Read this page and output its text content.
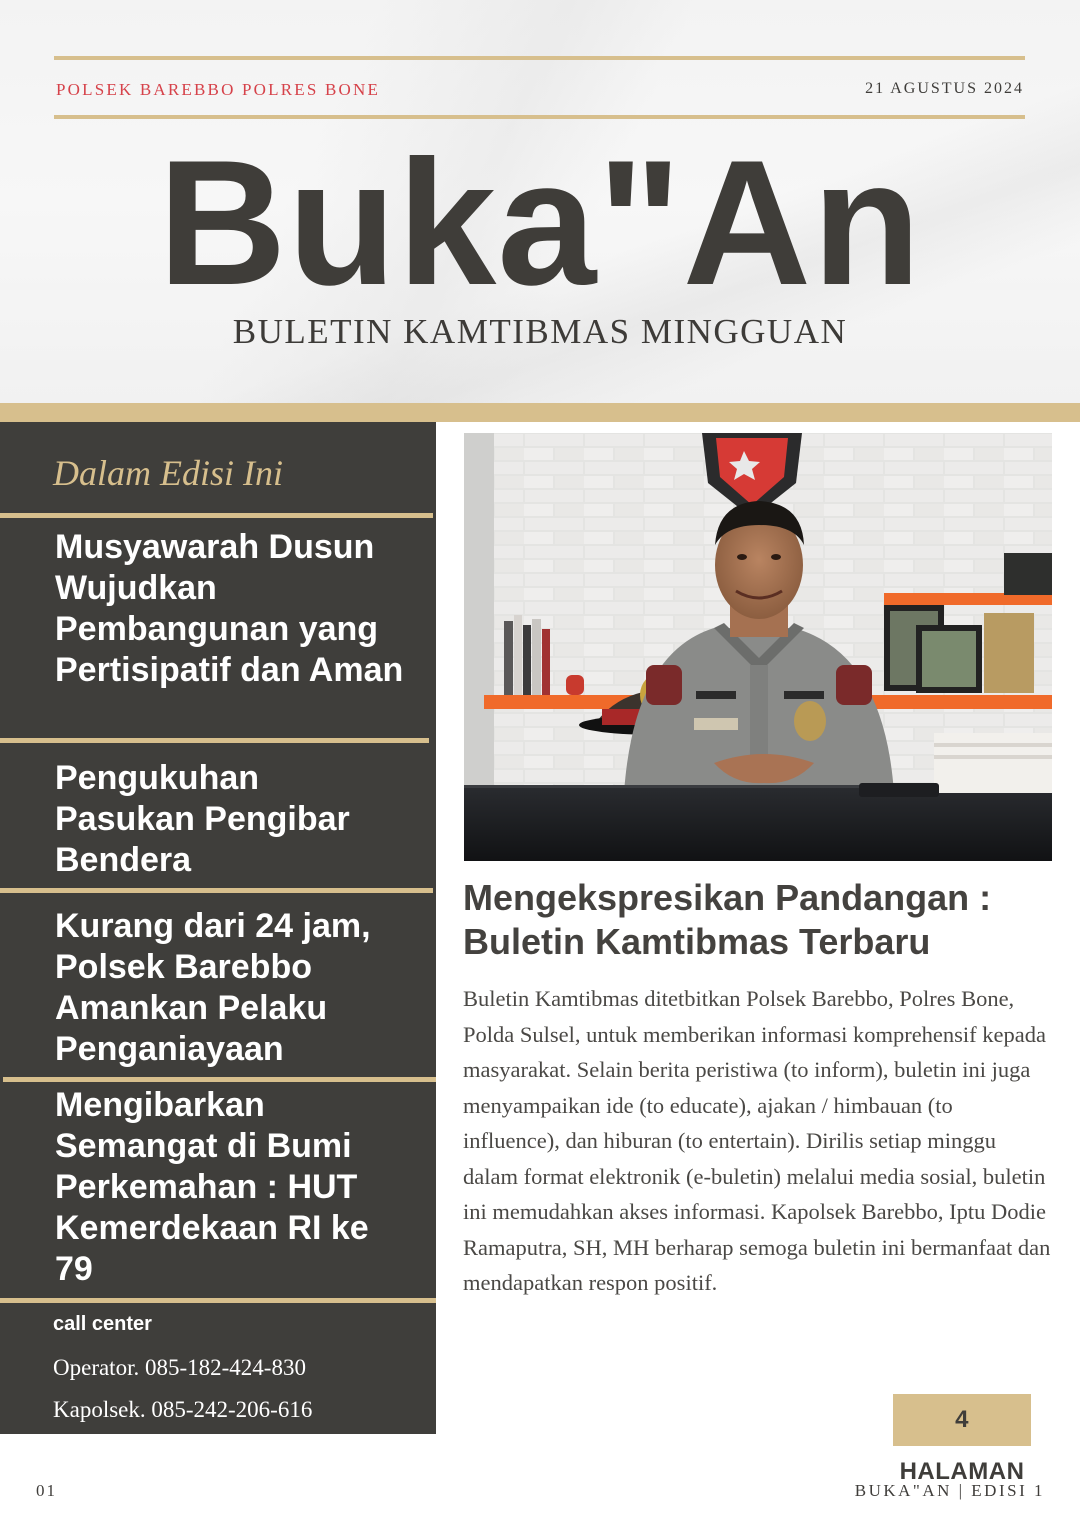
POLSEK BAREBBO POLRES BONE	21 AGUSTUS 2024
Buka"An
BULETIN KAMTIBMAS MINGGUAN
Dalam Edisi Ini
Musyawarah Dusun Wujudkan Pembangunan yang Pertisipatif dan Aman
Pengukuhan Pasukan Pengibar Bendera
Kurang dari 24 jam, Polsek Barebbo Amankan Pelaku Penganiayaan
Mengibarkan Semangat di Bumi Perkemahan : HUT Kemerdekaan RI ke 79
call center
Operator. 085-182-424-830
Kapolsek. 085-242-206-616
Mengekspresikan Pandangan : Buletin Kamtibmas Terbaru
Buletin Kamtibmas ditetbitkan Polsek Barebbo, Polres Bone, Polda Sulsel, untuk memberikan informasi komprehensif kepada masyarakat. Selain berita peristiwa (to inform), buletin ini juga menyampaikan ide (to educate), ajakan / himbauan (to influence), dan hiburan (to entertain). Dirilis setiap minggu dalam format elektronik (e-buletin) melalui media sosial, buletin ini memudahkan akses informasi. Kapolsek Barebbo, Iptu Dodie Ramaputra, SH, MH berharap semoga buletin ini bermanfaat dan mendapatkan respon positif.
4 HALAMAN
01	BUKA"AN | EDISI 1
